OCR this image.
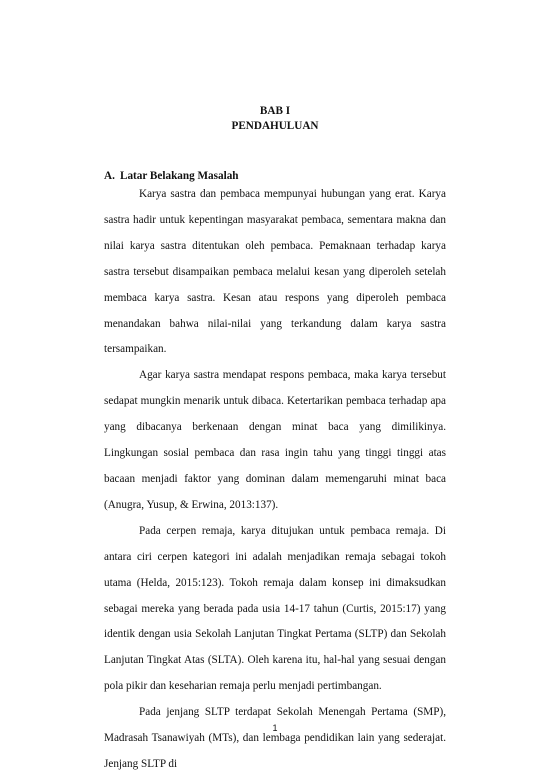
BAB I
PENDAHULUAN
A. Latar Belakang Masalah

Karya sastra dan pembaca mempunyai hubungan yang erat. Karya sastra hadir untuk kepentingan masyarakat pembaca, sementara makna dan nilai karya sastra ditentukan oleh pembaca. Pemaknaan terhadap karya sastra tersebut disampaikan pembaca melalui kesan yang diperoleh setelah membaca karya sastra. Kesan atau respons yang diperoleh pembaca menandakan bahwa nilai-nilai yang terkandung dalam karya sastra tersampaikan.

Agar karya sastra mendapat respons pembaca, maka karya tersebut sedapat mungkin menarik untuk dibaca. Ketertarikan pembaca terhadap apa yang dibacanya berkenaan dengan minat baca yang dimilikinya. Lingkungan sosial pembaca dan rasa ingin tahu yang tinggi tinggi atas bacaan menjadi faktor yang dominan dalam memengaruhi minat baca (Anugra, Yusup, & Erwina, 2013:137).

Pada cerpen remaja, karya ditujukan untuk pembaca remaja. Di antara ciri cerpen kategori ini adalah menjadikan remaja sebagai tokoh utama (Helda, 2015:123). Tokoh remaja dalam konsep ini dimaksudkan sebagai mereka yang berada pada usia 14-17 tahun (Curtis, 2015:17) yang identik dengan usia Sekolah Lanjutan Tingkat Pertama (SLTP) dan Sekolah Lanjutan Tingkat Atas (SLTA). Oleh karena itu, hal-hal yang sesuai dengan pola pikir dan keseharian remaja perlu menjadi pertimbangan.

Pada jenjang SLTP terdapat Sekolah Menengah Pertama (SMP), Madrasah Tsanawiyah (MTs), dan lembaga pendidikan lain yang sederajat. Jenjang SLTP di

1
